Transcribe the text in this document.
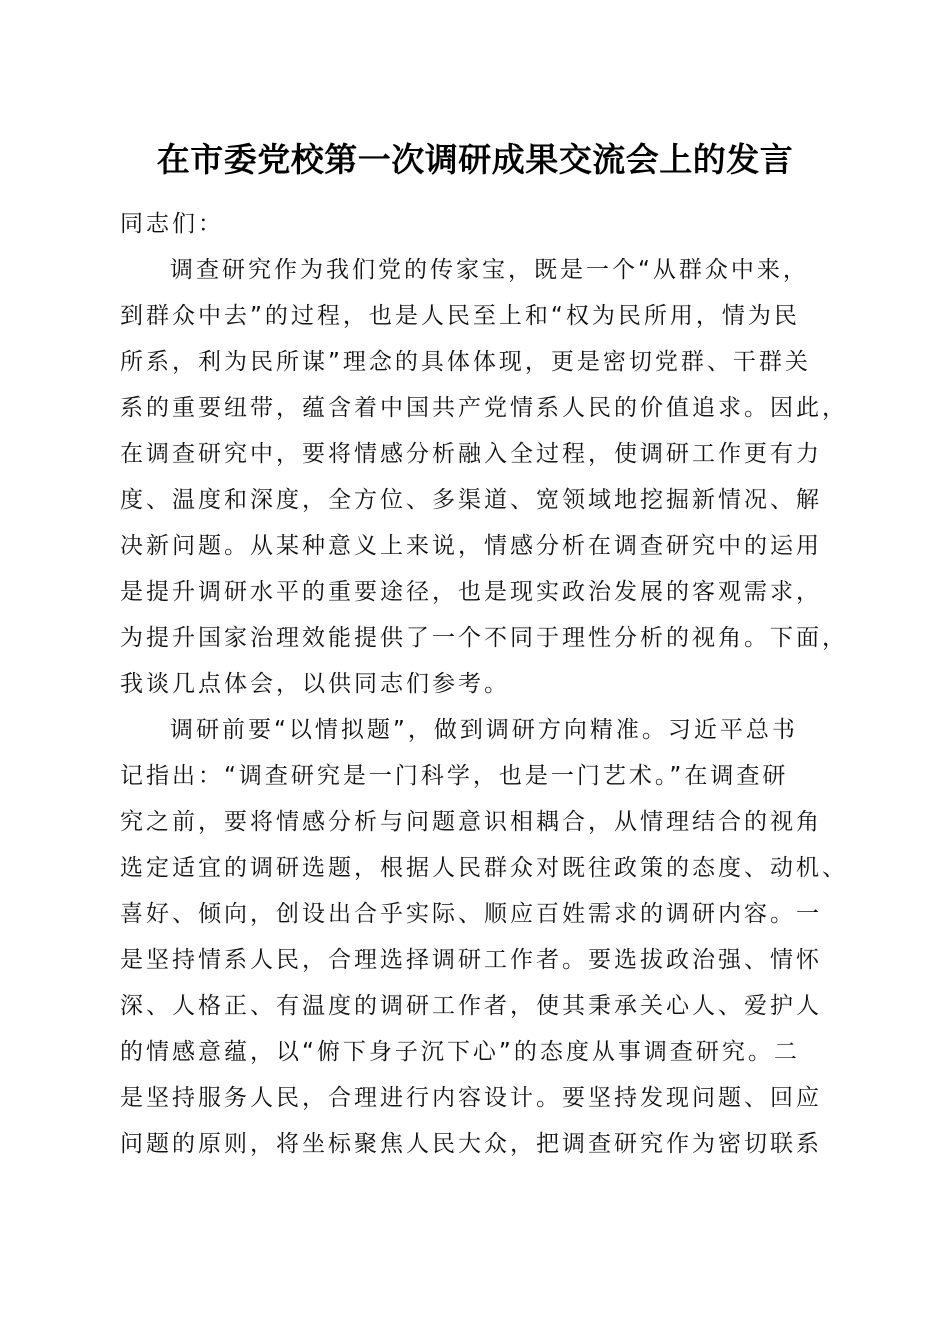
在市委党校第一次调研成果交流会上的发言
同志们：
调查研究作为我们党的传家宝，既是一个“从群众中来，
到群众中去”的过程，也是人民至上和“权为民所用，情为民
所系，利为民所谋”理念的具体体现，更是密切党群、干群关
系的重要纽带，蕴含着中国共产党情系人民的价值追求。因此，
在调查研究中，要将情感分析融入全过程，使调研工作更有力
度、温度和深度，全方位、多渠道、宽领域地挖掘新情况、解
决新问题。从某种意义上来说，情感分析在调查研究中的运用
是提升调研水平的重要途径，也是现实政治发展的客观需求，
为提升国家治理效能提供了一个不同于理性分析的视角。下面，
我谈几点体会，以供同志们参考。
调研前要“以情拟题”，做到调研方向精准。习近平总书
记指出：“调查研究是一门科学，也是一门艺术。”在调查研
究之前，要将情感分析与问题意识相耦合，从情理结合的视角
选定适宜的调研选题，根据人民群众对既往政策的态度、动机、
喜好、倾向，创设出合乎实际、顺应百姓需求的调研内容。一
是坚持情系人民，合理选择调研工作者。要选拔政治强、情怀
深、人格正、有温度的调研工作者，使其秉承关心人、爱护人
的情感意蕴，以“俯下身子沉下心”的态度从事调查研究。二
是坚持服务人民，合理进行内容设计。要坚持发现问题、回应
问题的原则，将坐标聚焦人民大众，把调查研究作为密切联系
